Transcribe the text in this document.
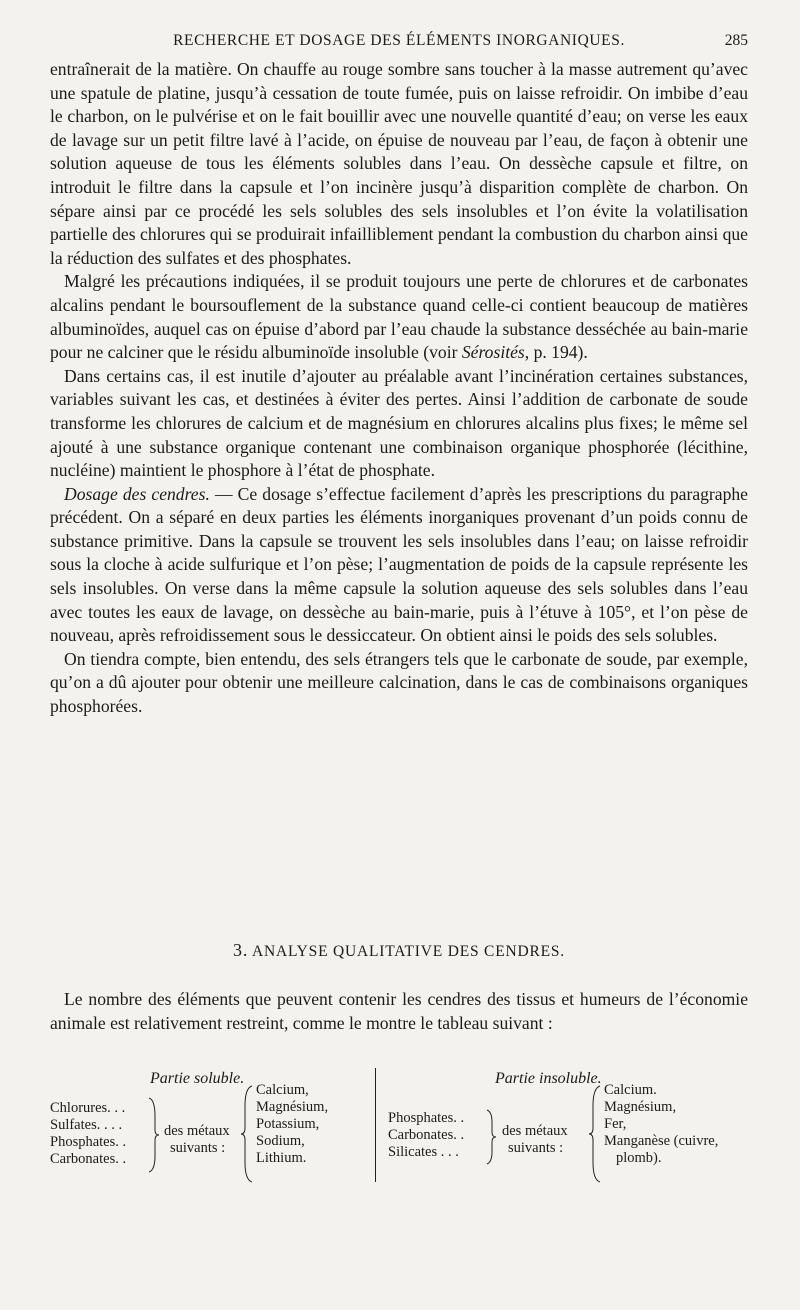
RECHERCHE ET DOSAGE DES ÉLÉMENTS INORGANIQUES.	285

entraînerait de la matière. On chauffe au rouge sombre sans toucher à la masse autrement qu’avec une spatule de platine, jusqu’à cessation de toute fumée, puis on laisse refroidir. On imbibe d’eau le charbon, on le pulvérise et on le fait bouillir avec une nouvelle quantité d’eau; on verse les eaux de lavage sur un petit filtre lavé à l’acide, on épuise de nouveau par l’eau, de façon à obtenir une solution aqueuse de tous les éléments solubles dans l’eau. On dessèche capsule et filtre, on introduit le filtre dans la capsule et l’on incinère jusqu’à disparition complète de charbon. On sépare ainsi par ce procédé les sels solubles des sels insolubles et l’on évite la volatilisation partielle des chlorures qui se produirait infailliblement pendant la combustion du charbon ainsi que la réduction des sulfates et des phosphates.

Malgré les précautions indiquées, il se produit toujours une perte de chlorures et de carbonates alcalins pendant le boursouflement de la substance quand celle-ci contient beaucoup de matières albuminoïdes, auquel cas on épuise d’abord par l’eau chaude la substance desséchée au bain-marie pour ne calciner que le résidu albuminoïde insoluble (voir Sérosités, p. 194).

Dans certains cas, il est inutile d’ajouter au préalable avant l’incinération certaines substances, variables suivant les cas, et destinées à éviter des pertes. Ainsi l’addition de carbonate de soude transforme les chlorures de calcium et de magnésium en chlorures alcalins plus fixes; le même sel ajouté à une substance organique contenant une combinaison organique phosphorée (lécithine, nucléine) maintient le phosphore à l’état de phosphate.

Dosage des cendres. — Ce dosage s’effectue facilement d’après les prescriptions du paragraphe précédent. On a séparé en deux parties les éléments inorganiques provenant d’un poids connu de substance primitive. Dans la capsule se trouvent les sels insolubles dans l’eau; on laisse refroidir sous la cloche à acide sulfurique et l’on pèse; l’augmentation de poids de la capsule représente les sels insolubles. On verse dans la même capsule la solution aqueuse des sels solubles dans l’eau avec toutes les eaux de lavage, on dessèche au bain-marie, puis à l’étuve à 105°, et l’on pèse de nouveau, après refroidissement sous le dessiccateur. On obtient ainsi le poids des sels solubles.

On tiendra compte, bien entendu, des sels étrangers tels que le carbonate de soude, par exemple, qu’on a dû ajouter pour obtenir une meilleure calcination, dans le cas de combinaisons organiques phosphorées.

3. ANALYSE QUALITATIVE DES CENDRES.

Le nombre des éléments que peuvent contenir les cendres des tissus et humeurs de l’économie animale est relativement restreint, comme le montre le tableau suivant :

Partie soluble.
Chlorures. . .
Sulfates. . . .
Phosphates. .
Carbonates. .
des métaux
suivants :
Calcium,
Magnésium,
Potassium,
Sodium,
Lithium.
Partie insoluble.
Phosphates. .
Carbonates. .
Silicates . . .
des métaux
suivants :
Calcium.
Magnésium,
Fer,
Manganèse (cuivre,
plomb).
